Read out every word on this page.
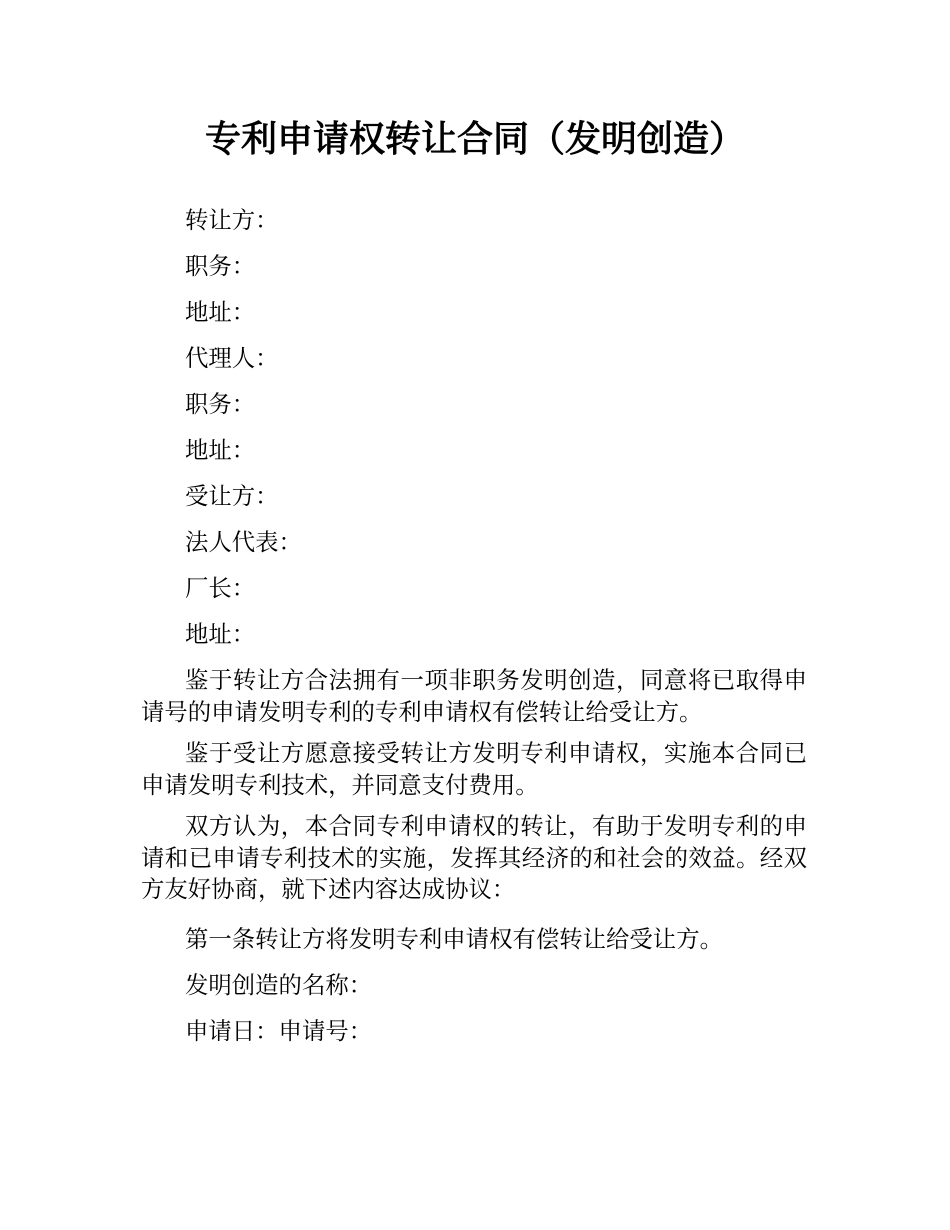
专利申请权转让合同（发明创造）

转让方：

职务：

地址：

代理人：

职务：

地址：

受让方：

法人代表：

厂长：

地址：

鉴于转让方合法拥有一项非职务发明创造，同意将已取得申请号的申请发明专利的专利申请权有偿转让给受让方。

鉴于受让方愿意接受转让方发明专利申请权，实施本合同已申请发明专利技术，并同意支付费用。

双方认为，本合同专利申请权的转让，有助于发明专利的申请和已申请专利技术的实施，发挥其经济的和社会的效益。经双方友好协商，就下述内容达成协议：

第一条转让方将发明专利申请权有偿转让给受让方。

发明创造的名称：

申请日：申请号：
